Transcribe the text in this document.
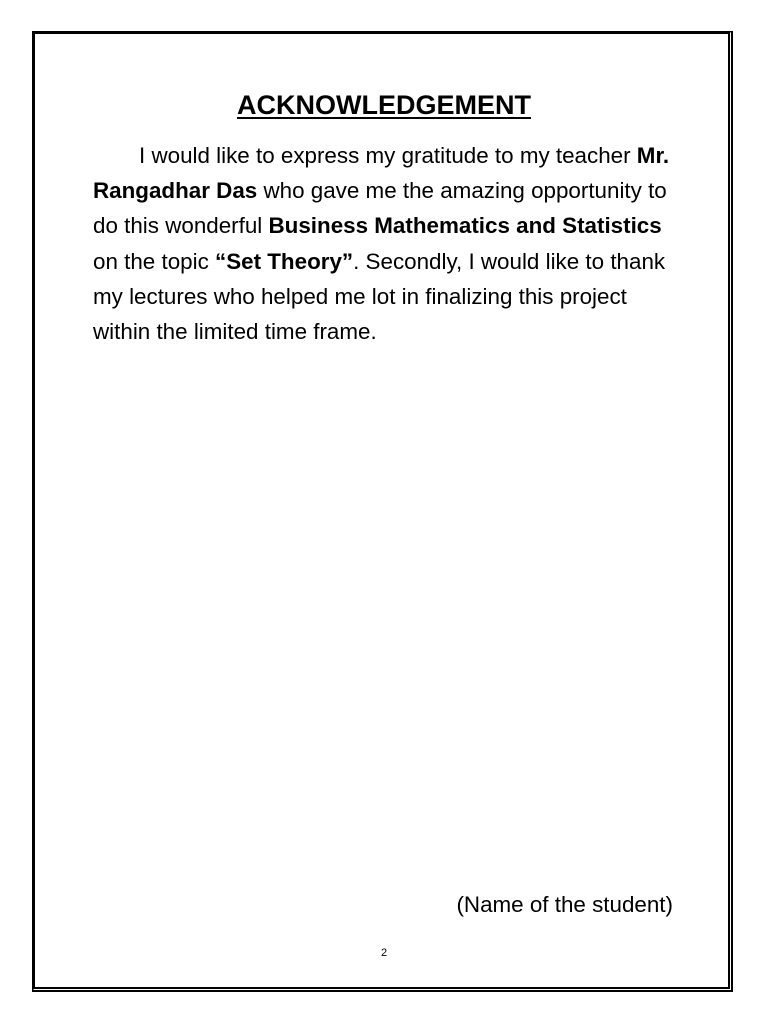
ACKNOWLEDGEMENT

I would like to express my gratitude to my teacher Mr. Rangadhar Das who gave me the amazing opportunity to do this wonderful Business Mathematics and Statistics on the topic “Set Theory”. Secondly, I would like to thank my lectures who helped me lot in finalizing this project within the limited time frame.

(Name of the student)
2
